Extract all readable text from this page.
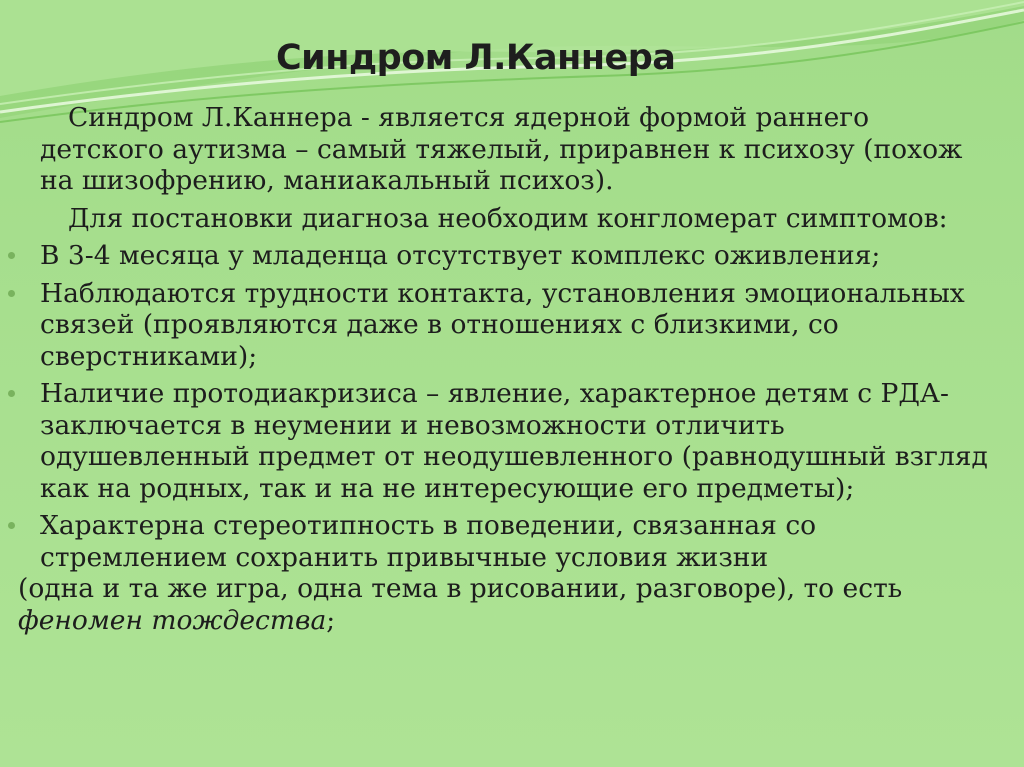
Синдром Л.Каннера

Синдром Л.Каннера - является ядерной формой раннего детского аутизма – самый тяжелый, приравнен к психозу (похож на шизофрению, маниакальный психоз).

Для постановки диагноза необходим конгломерат симптомов:

В 3-4 месяца у младенца отсутствует комплекс оживления;
Наблюдаются трудности контакта, установления эмоциональных связей (проявляются даже в отношениях с близкими, со сверстниками);
Наличие протодиакризиса – явление, характерное детям с РДА- заключается в неумении и невозможности отличить одушевленный предмет от неодушевленного (равнодушный взгляд как на родных, так и на не интересующие его предметы);
Характерна стереотипность в поведении, связанная со стремлением сохранить привычные условия жизни
(одна и та же игра, одна тема в рисовании, разговоре), то есть феномен тождества;
